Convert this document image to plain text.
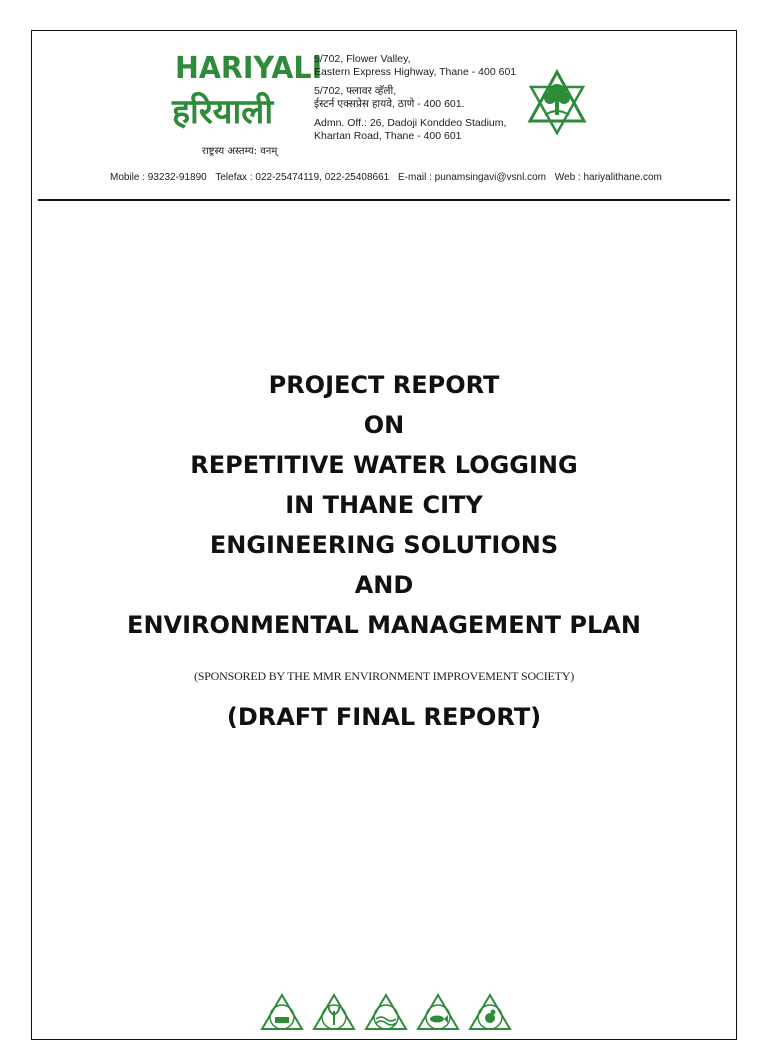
HARIYALI
हरियाली
राष्ट्रस्य अस्तम्य: वनम्
5/702, Flower Valley,
Eastern Express Highway, Thane - 400 601
5/702, फ्लावर व्हॅली,
ईस्टर्न एक्सप्रेस हायवे, ठाणे - 400 601.
Admn. Off.: 26, Dadoji Konddeo Stadium,
Khartan Road, Thane - 400 601
Mobile : 93232-91890 Telefax : 022-25474119, 022-25408661 E-mail : punamsingavi@vsnl.com Web : hariyalithane.com
PROJECT REPORT
ON
REPETITIVE WATER LOGGING
IN THANE CITY
ENGINEERING SOLUTIONS
AND
ENVIRONMENTAL MANAGEMENT PLAN
(SPONSORED BY THE MMR ENVIRONMENT IMPROVEMENT SOCIETY)
(DRAFT FINAL REPORT)
